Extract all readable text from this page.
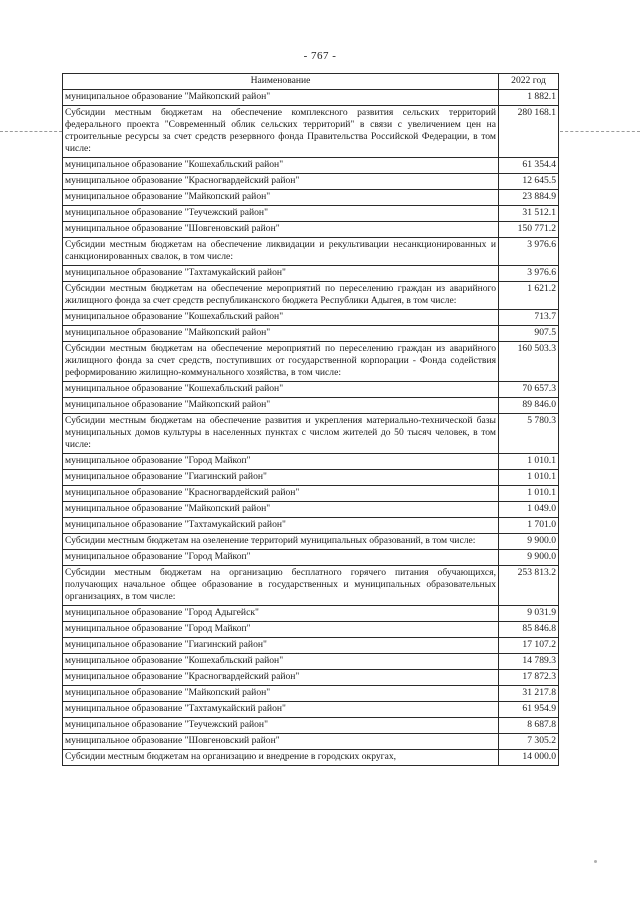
- 767 -
Наименование	2022 год
муниципальное образование "Майкопский район"	1 882.1
Субсидии местным бюджетам на обеспечение комплексного развития сельских территорий федерального проекта "Современный облик сельских территорий" в связи с увеличением цен на строительные ресурсы за счет средств резервного фонда Правительства Российской Федерации, в том числе:	280 168.1
муниципальное образование "Кошехабльский район"	61 354.4
муниципальное образование "Красногвардейский район"	12 645.5
муниципальное образование "Майкопский район"	23 884.9
муниципальное образование "Теучежский район"	31 512.1
муниципальное образование "Шовгеновский район"	150 771.2
Субсидии местным бюджетам на обеспечение ликвидации и рекультивации несанкционированных и санкционированных свалок, в том числе:	3 976.6
муниципальное образование "Тахтамукайский район"	3 976.6
Субсидии местным бюджетам на обеспечение мероприятий по переселению граждан из аварийного жилищного фонда за счет средств республиканского бюджета Республики Адыгея, в том числе:	1 621.2
муниципальное образование "Кошехабльский район"	713.7
муниципальное образование "Майкопский район"	907.5
Субсидии местным бюджетам на обеспечение мероприятий по переселению граждан из аварийного жилищного фонда за счет средств, поступивших от государственной корпорации - Фонда содействия реформированию жилищно-коммунального хозяйства, в том числе:	160 503.3
муниципальное образование "Кошехабльский район"	70 657.3
муниципальное образование "Майкопский район"	89 846.0
Субсидии местным бюджетам на обеспечение развития и укрепления материально-технической базы муниципальных домов культуры в населенных пунктах с числом жителей до 50 тысяч человек, в том числе:	5 780.3
муниципальное образование "Город Майкоп"	1 010.1
муниципальное образование "Гиагинский район"	1 010.1
муниципальное образование "Красногвардейский район"	1 010.1
муниципальное образование "Майкопский район"	1 049.0
муниципальное образование "Тахтамукайский район"	1 701.0
Субсидии местным бюджетам на озеленение территорий муниципальных образований, в том числе:	9 900.0
муниципальное образование "Город Майкоп"	9 900.0
Субсидии местным бюджетам на организацию бесплатного горячего питания обучающихся, получающих начальное общее образование в государственных и муниципальных образовательных организациях, в том числе:	253 813.2
муниципальное образование "Город Адыгейск"	9 031.9
муниципальное образование "Город Майкоп"	85 846.8
муниципальное образование "Гиагинский район"	17 107.2
муниципальное образование "Кошехабльский район"	14 789.3
муниципальное образование "Красногвардейский район"	17 872.3
муниципальное образование "Майкопский район"	31 217.8
муниципальное образование "Тахтамукайский район"	61 954.9
муниципальное образование "Теучежский район"	8 687.8
муниципальное образование "Шовгеновский район"	7 305.2
Субсидии местным бюджетам на организацию и внедрение в городских округах,	14 000.0
